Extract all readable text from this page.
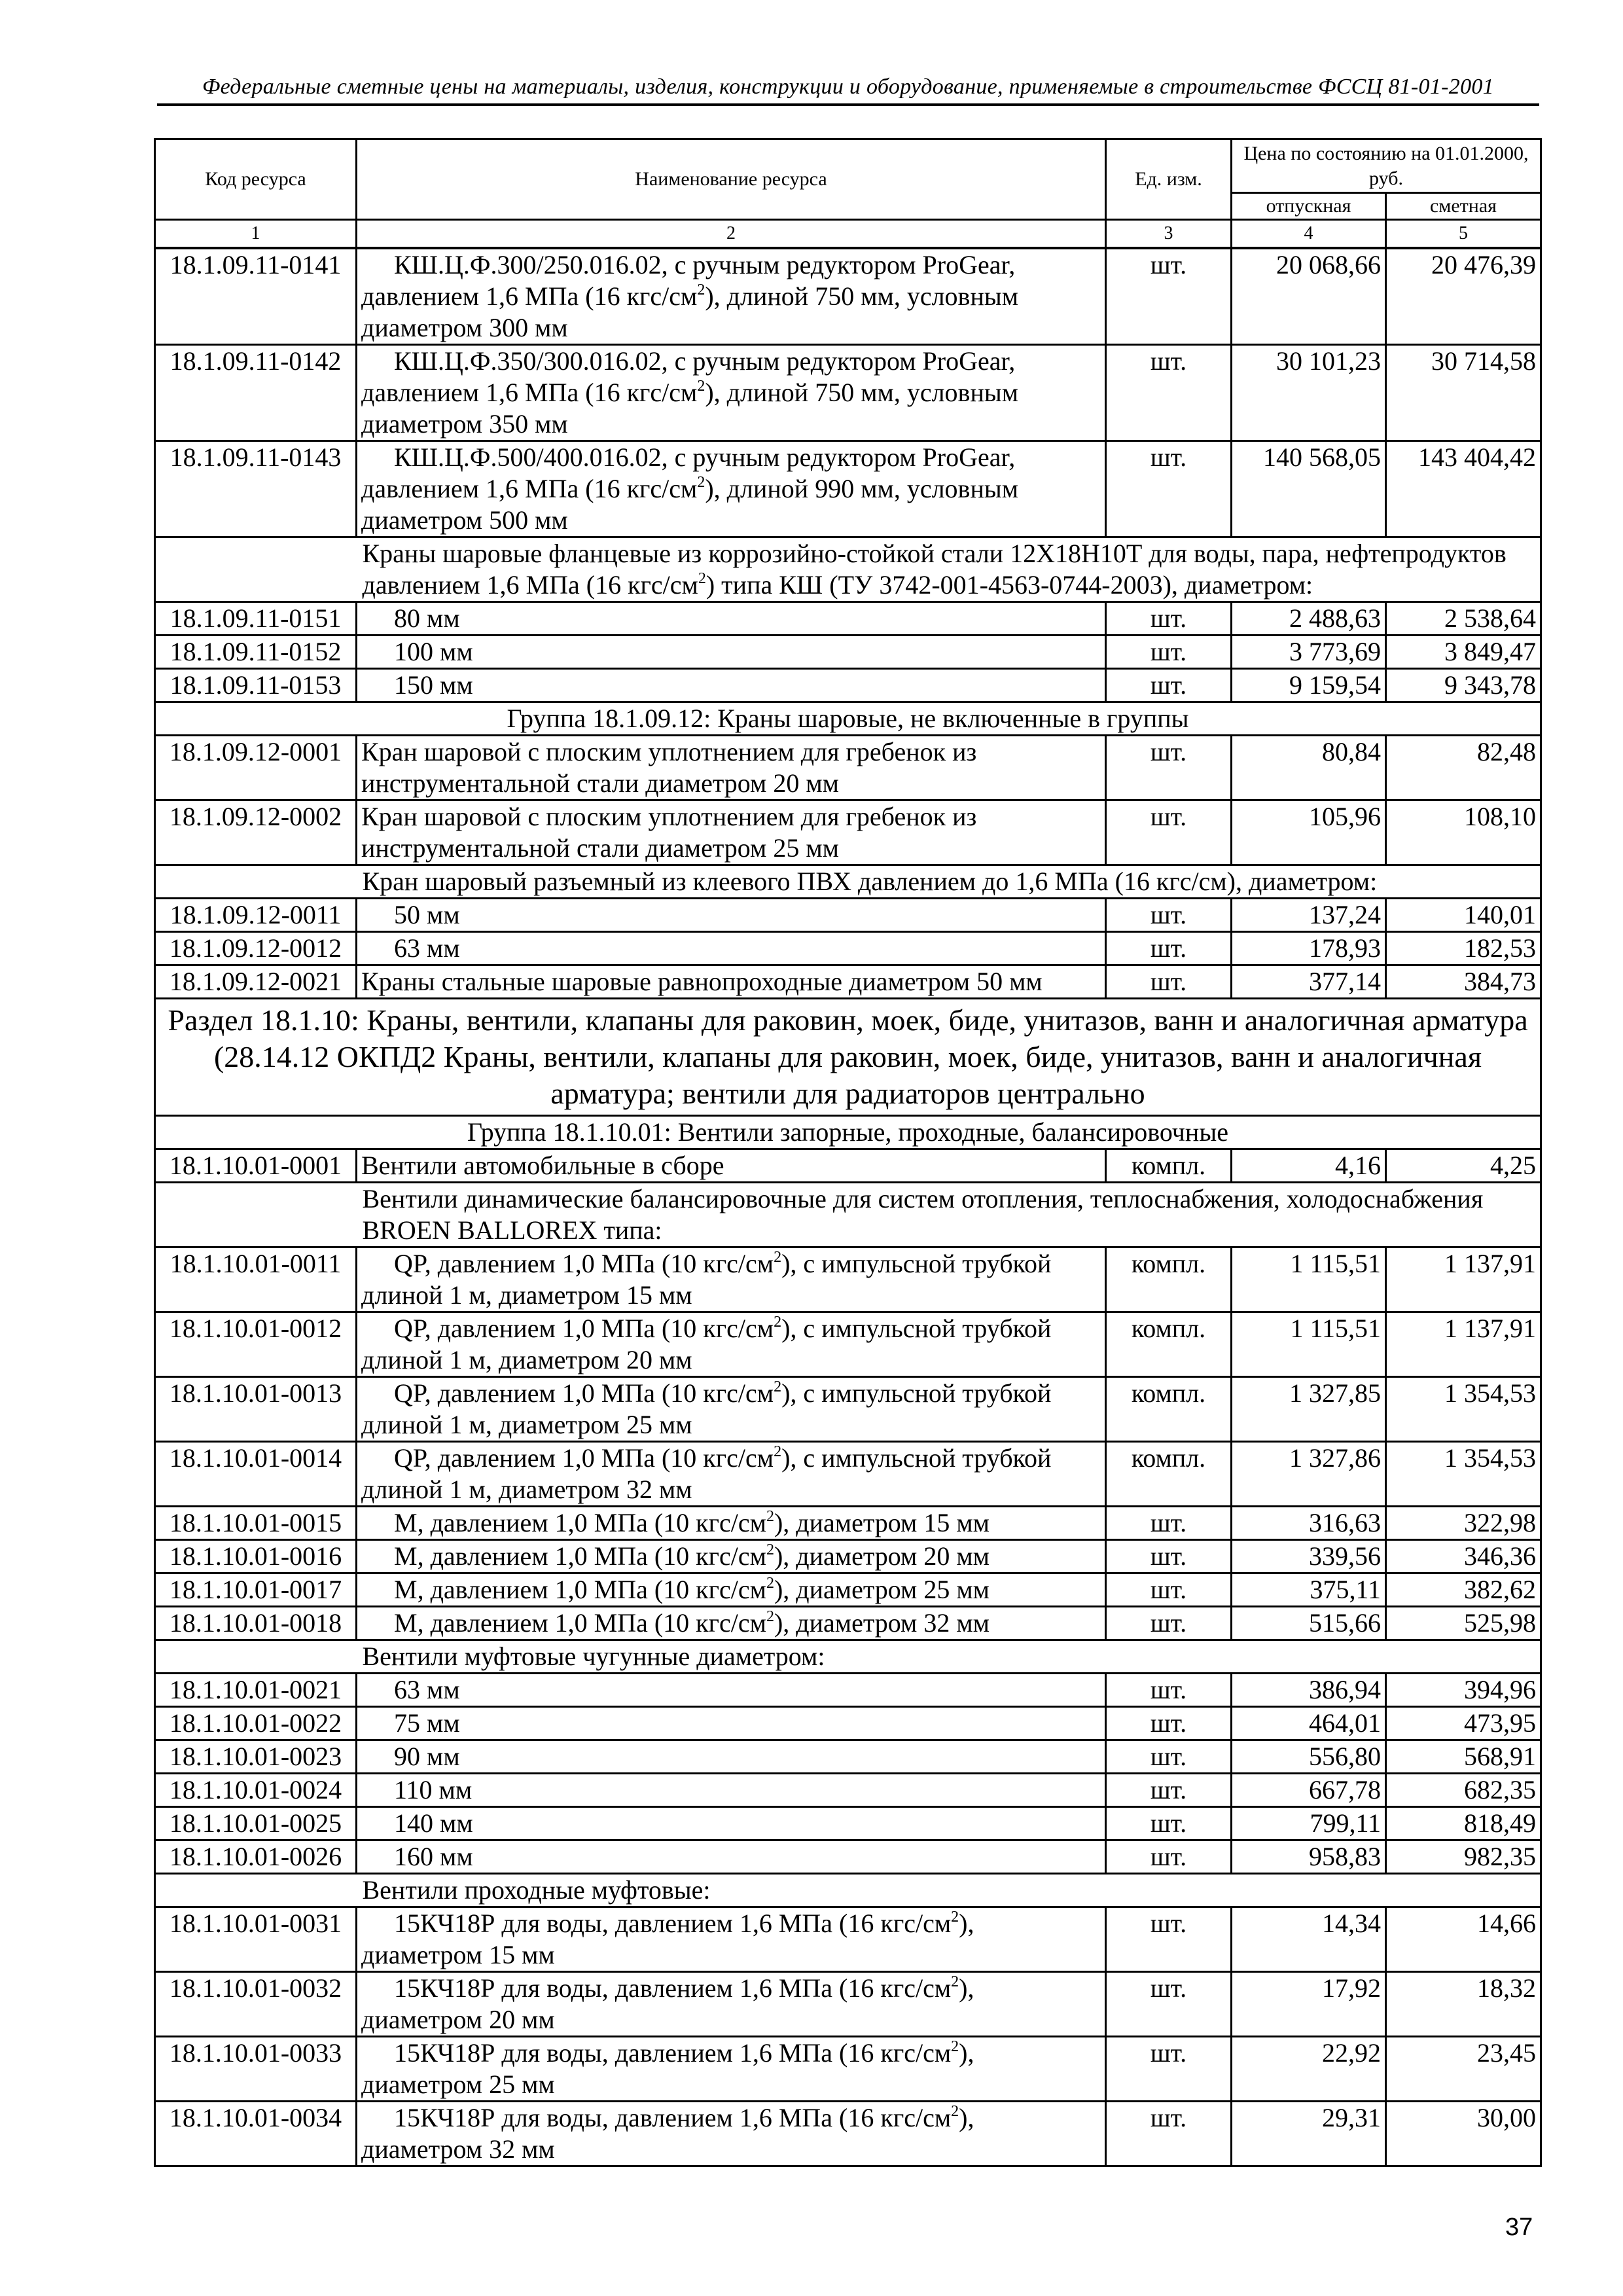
Федеральные сметные цены на материалы, изделия, конструкции и оборудование, применяемые в строительстве ФССЦ 81-01-2001
Код ресурса	Наименование ресурса	Ед. изм.	Цена по состоянию на 01.01.2000, руб.	
			отпускная	сметная
1	2	3	4	5
18.1.09.11-0141	КШ.Ц.Ф.300/250.016.02, с ручным редуктором ProGear, давлением 1,6 МПа (16 кгс/$см^2$), длиной 750 мм, условным диаметром 300 мм	шт.	20 068,66	20 476,39
18.1.09.11-0142	КШ.Ц.Ф.350/300.016.02, с ручным редуктором ProGear, давлением 1,6 МПа (16 кгс/$см^2$), длиной 750 мм, условным диаметром 350 мм	шт.	30 101,23	30 714,58
18.1.09.11-0143	КШ.Ц.Ф.500/400.016.02, с ручным редуктором ProGear, давлением 1,6 МПа (16 кгс/$см^2$), длиной 990 мм, условным диаметром 500 мм	шт.	140 568,05	143 404,42
	Краны шаровые фланцевые из коррозийно-стойкой стали 12Х18Н10Т для воды, пара, нефтепродуктов давлением 1,6 МПа (16 кгс/$см^2$) типа КШ (ТУ 3742-001-4563-0744-2003), диаметром:			
18.1.09.11-0151	80 мм	шт.	2 488,63	2 538,64
18.1.09.11-0152	100 мм	шт.	3 773,69	3 849,47
18.1.09.11-0153	150 мм	шт.	9 159,54	9 343,78
Группа 18.1.09.12: Краны шаровые, не включенные в группы				
18.1.09.12-0001	Кран шаровой с плоским уплотнением для гребенок из инструментальной стали диаметром 20 мм	шт.	80,84	82,48
18.1.09.12-0002	Кран шаровой с плоским уплотнением для гребенок из инструментальной стали диаметром 25 мм	шт.	105,96	108,10
	Кран шаровый разъемный из клеевого ПВХ давлением до 1,6 МПа (16 кгс/см), диаметром:			
18.1.09.12-0011	50 мм	шт.	137,24	140,01
18.1.09.12-0012	63 мм	шт.	178,93	182,53
18.1.09.12-0021	Краны стальные шаровые равнопроходные диаметром 50 мм	шт.	377,14	384,73
Раздел 18.1.10: Краны, вентили, клапаны для раковин, моек, биде, унитазов, ванн и аналогичная арматура (28.14.12 ОКПД2 Краны, вентили, клапаны для раковин, моек, биде, унитазов, ванн и аналогичная арматура; вентили для радиаторов центрально				
Группа 18.1.10.01: Вентили запорные, проходные, балансировочные				
18.1.10.01-0001	Вентили автомобильные в сборе	компл.	4,16	4,25
	Вентили динамические балансировочные для систем отопления, теплоснабжения, холодоснабжения BROEN BALLOREX типа:			
18.1.10.01-0011	QP, давлением 1,0 МПа (10 кгс/$см^2$), с импульсной трубкой длиной 1 м, диаметром 15 мм	компл.	1 115,51	1 137,91
18.1.10.01-0012	QP, давлением 1,0 МПа (10 кгс/$см^2$), с импульсной трубкой длиной 1 м, диаметром 20 мм	компл.	1 115,51	1 137,91
18.1.10.01-0013	QP, давлением 1,0 МПа (10 кгс/$см^2$), с импульсной трубкой длиной 1 м, диаметром 25 мм	компл.	1 327,85	1 354,53
18.1.10.01-0014	QP, давлением 1,0 МПа (10 кгс/$см^2$), с импульсной трубкой длиной 1 м, диаметром 32 мм	компл.	1 327,86	1 354,53
18.1.10.01-0015	М, давлением 1,0 МПа (10 кгс/$см^2$), диаметром 15 мм	шт.	316,63	322,98
18.1.10.01-0016	М, давлением 1,0 МПа (10 кгс/$см^2$), диаметром 20 мм	шт.	339,56	346,36
18.1.10.01-0017	М, давлением 1,0 МПа (10 кгс/$см^2$), диаметром 25 мм	шт.	375,11	382,62
18.1.10.01-0018	М, давлением 1,0 МПа (10 кгс/$см^2$), диаметром 32 мм	шт.	515,66	525,98
	Вентили муфтовые чугунные диаметром:			
18.1.10.01-0021	63 мм	шт.	386,94	394,96
18.1.10.01-0022	75 мм	шт.	464,01	473,95
18.1.10.01-0023	90 мм	шт.	556,80	568,91
18.1.10.01-0024	110 мм	шт.	667,78	682,35
18.1.10.01-0025	140 мм	шт.	799,11	818,49
18.1.10.01-0026	160 мм	шт.	958,83	982,35
	Вентили проходные муфтовые:			
18.1.10.01-0031	15КЧ18Р для воды, давлением 1,6 МПа (16 кгс/$см^2$), диаметром 15 мм	шт.	14,34	14,66
18.1.10.01-0032	15КЧ18Р для воды, давлением 1,6 МПа (16 кгс/$см^2$), диаметром 20 мм	шт.	17,92	18,32
18.1.10.01-0033	15КЧ18Р для воды, давлением 1,6 МПа (16 кгс/$см^2$), диаметром 25 мм	шт.	22,92	23,45
18.1.10.01-0034	15КЧ18Р для воды, давлением 1,6 МПа (16 кгс/$см^2$), диаметром 32 мм	шт.	29,31	30,00
37
